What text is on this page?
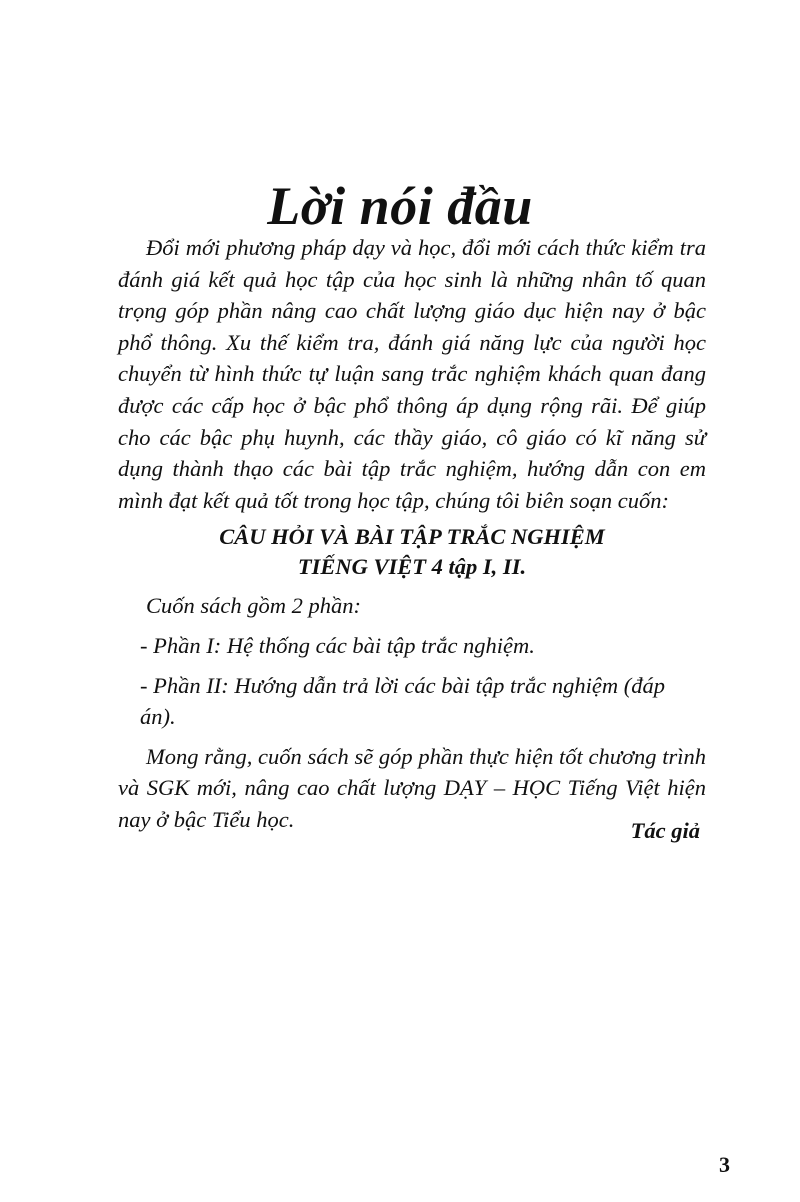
Lời nói đầu

Đổi mới phương pháp dạy và học, đổi mới cách thức kiểm tra đánh giá kết quả học tập của học sinh là những nhân tố quan trọng góp phần nâng cao chất lượng giáo dục hiện nay ở bậc phổ thông. Xu thế kiểm tra, đánh giá năng lực của người học chuyển từ hình thức tự luận sang trắc nghiệm khách quan đang được các cấp học ở bậc phổ thông áp dụng rộng rãi. Để giúp cho các bậc phụ huynh, các thầy giáo, cô giáo có kĩ năng sử dụng thành thạo các bài tập trắc nghiệm, hướng dẫn con em mình đạt kết quả tốt trong học tập, chúng tôi biên soạn cuốn:

CÂU HỎI VÀ BÀI TẬP TRẮC NGHIỆM
TIẾNG VIỆT 4 tập I, II.

Cuốn sách gồm 2 phần:

- Phần I: Hệ thống các bài tập trắc nghiệm.

- Phần II: Hướng dẫn trả lời các bài tập trắc nghiệm (đáp án).

Mong rằng, cuốn sách sẽ góp phần thực hiện tốt chương trình và SGK mới, nâng cao chất lượng DẠY – HỌC Tiếng Việt hiện nay ở bậc Tiểu học.	Tác giả
3
